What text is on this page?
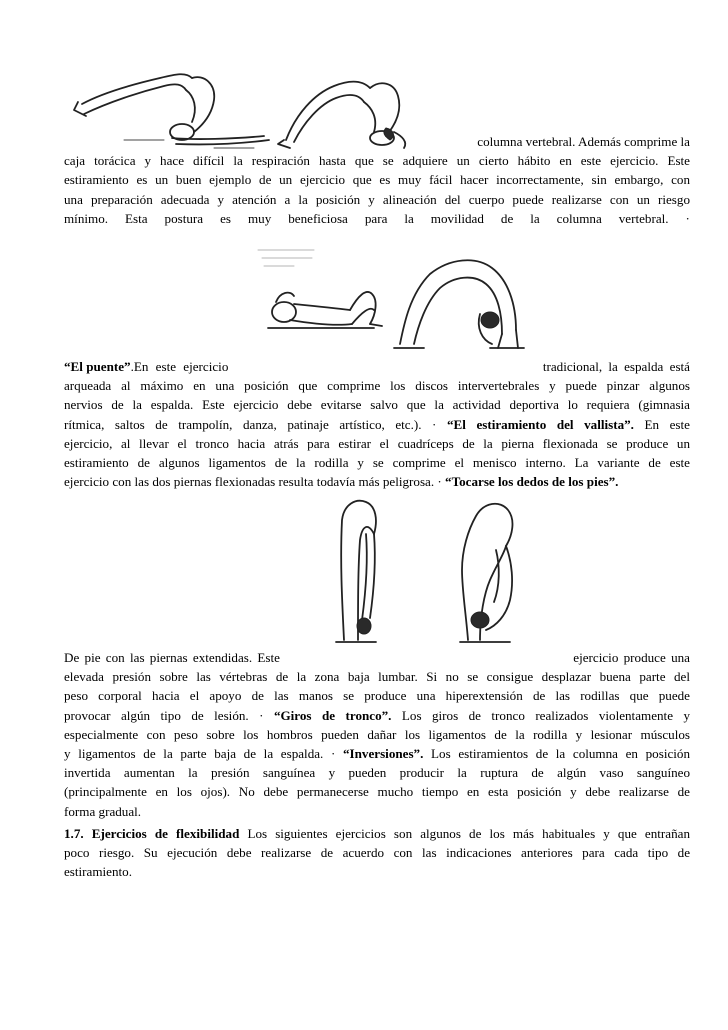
columna vertebral. Además comprime la
caja torácica y hace difícil la respiración hasta que se adquiere un cierto hábito en este ejercicio. Este
estiramiento es un buen ejemplo de un ejercicio que es muy fácil hacer incorrectamente, sin embargo, con
una preparación adecuada y atención a la posición y alineación del cuerpo puede realizarse con un riesgo
mínimo. Esta postura es muy beneficiosa para la movilidad de la columna vertebral. ·
“El puente”.En este ejercicio	tradicional, la espalda está
arqueada al máximo en una posición que comprime los discos intervertebrales y puede pinzar algunos
nervios de la espalda. Este ejercicio debe evitarse salvo que la actividad deportiva lo requiera (gimnasia
rítmica, saltos de trampolín, danza, patinaje artístico, etc.). · “El estiramiento del vallista”. En este
ejercicio, al llevar el tronco hacia atrás para estirar el cuadríceps de la pierna flexionada se produce un
estiramiento de algunos ligamentos de la rodilla y se comprime el menisco interno. La variante de este
ejercicio con las dos piernas flexionadas resulta todavía más peligrosa. · “Tocarse los dedos de los pies”.
De pie con las piernas extendidas. Este	ejercicio produce una
elevada presión sobre las vértebras de la zona baja lumbar. Si no se consigue desplazar buena parte del
peso corporal hacia el apoyo de las manos se produce una hiperextensión de las rodillas que puede
provocar algún tipo de lesión. · “Giros de tronco”. Los giros de tronco realizados violentamente y
especialmente con peso sobre los hombros pueden dañar los ligamentos de la rodilla y lesionar músculos
y ligamentos de la parte baja de la espalda. · “Inversiones”. Los estiramientos de la columna en posición
invertida aumentan la presión sanguínea y pueden producir la ruptura de algún vaso sanguíneo
(principalmente en los ojos). No debe permanecerse mucho tiempo en esta posición y debe realizarse de
forma gradual.
1.7. Ejercicios de flexibilidad Los siguientes ejercicios son algunos de los más habituales y que entrañan
poco riesgo. Su ejecución debe realizarse de acuerdo con las indicaciones anteriores para cada tipo de
estiramiento.
